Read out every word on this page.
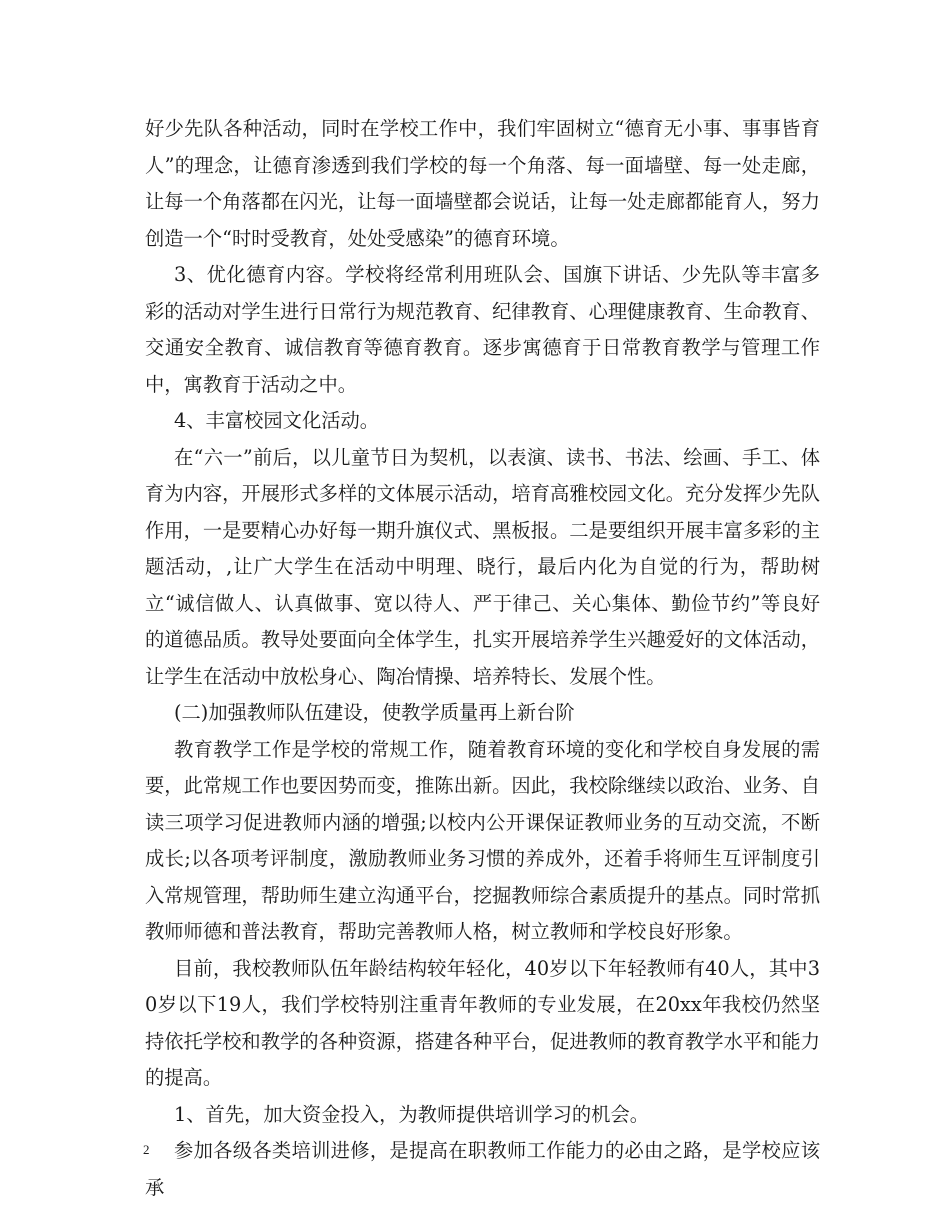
好少先队各种活动，同时在学校工作中，我们牢固树立“德育无小事、事事皆育人”的理念，让德育渗透到我们学校的每一个角落、每一面墙壁、每一处走廊，让每一个角落都在闪光，让每一面墙壁都会说话，让每一处走廊都能育人，努力创造一个“时时受教育，处处受感染”的德育环境。

3、优化德育内容。学校将经常利用班队会、国旗下讲话、少先队等丰富多彩的活动对学生进行日常行为规范教育、纪律教育、心理健康教育、生命教育、交通安全教育、诚信教育等德育教育。逐步寓德育于日常教育教学与管理工作中，寓教育于活动之中。

4、丰富校园文化活动。

在“六一”前后，以儿童节日为契机，以表演、读书、书法、绘画、手工、体育为内容，开展形式多样的文体展示活动，培育高雅校园文化。充分发挥少先队作用，一是要精心办好每一期升旗仪式、黑板报。二是要组织开展丰富多彩的主题活动，,让广大学生在活动中明理、晓行，最后内化为自觉的行为，帮助树立“诚信做人、认真做事、宽以待人、严于律己、关心集体、勤俭节约”等良好的道德品质。教导处要面向全体学生，扎实开展培养学生兴趣爱好的文体活动，让学生在活动中放松身心、陶冶情操、培养特长、发展个性。

(二)加强教师队伍建设，使教学质量再上新台阶

教育教学工作是学校的常规工作，随着教育环境的变化和学校自身发展的需要，此常规工作也要因势而变，推陈出新。因此，我校除继续以政治、业务、自读三项学习促进教师内涵的增强;以校内公开课保证教师业务的互动交流，不断成长;以各项考评制度，激励教师业务习惯的养成外，还着手将师生互评制度引入常规管理，帮助师生建立沟通平台，挖掘教师综合素质提升的基点。同时常抓教师师德和普法教育，帮助完善教师人格，树立教师和学校良好形象。

目前，我校教师队伍年龄结构较年轻化，40岁以下年轻教师有40人，其中30岁以下19人，我们学校特别注重青年教师的专业发展，在20xx年我校仍然坚持依托学校和教学的各种资源，搭建各种平台，促进教师的教育教学水平和能力的提高。

1、首先，加大资金投入，为教师提供培训学习的机会。

参加各级各类培训进修，是提高在职教师工作能力的必由之路，是学校应该承

2
